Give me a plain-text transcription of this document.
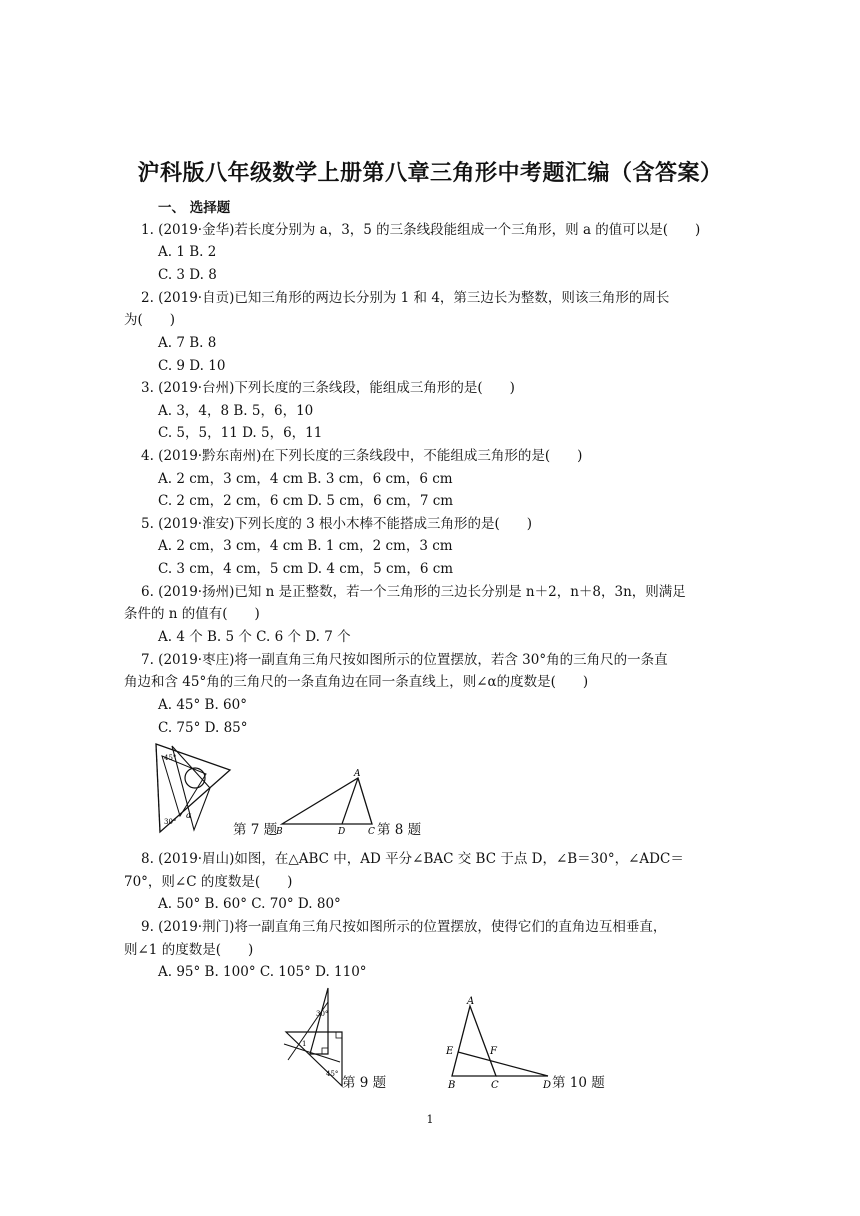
沪科版八年级数学上册第八章三角形中考题汇编（含答案）
一、 选择题
1. (2019·金华)若长度分别为 a，3，5 的三条线段能组成一个三角形，则 a 的值可以是(　　)
A. 1 B. 2
C. 3 D. 8
2. (2019·自贡)已知三角形的两边长分别为 1 和 4，第三边长为整数，则该三角形的周长
为(　　)
A. 7 B. 8
C. 9 D. 10
3. (2019·台州)下列长度的三条线段，能组成三角形的是(　　)
A. 3，4，8 B. 5，6，10
C. 5，5，11 D. 5，6，11
4. (2019·黔东南州)在下列长度的三条线段中，不能组成三角形的是(　　)
A. 2 cm，3 cm，4 cm B. 3 cm，6 cm，6 cm
C. 2 cm，2 cm，6 cm D. 5 cm，6 cm，7 cm
5. (2019·淮安)下列长度的 3 根小木棒不能搭成三角形的是(　　)
A. 2 cm，3 cm，4 cm B. 1 cm，2 cm，3 cm
C. 3 cm，4 cm，5 cm D. 4 cm，5 cm，6 cm
6. (2019·扬州)已知 n 是正整数，若一个三角形的三边长分别是 n＋2，n＋8，3n，则满足
条件的 n 的值有(　　)
A. 4 个 B. 5 个 C. 6 个 D. 7 个
7. (2019·枣庄)将一副直角三角尺按如图所示的位置摆放，若含 30°角的三角尺的一条直
角边和含 45°角的三角尺的一条直角边在同一条直线上，则∠α的度数是(　　)
A. 45° B. 60°
C. 75° D. 85°
45°
30°
α
第 7 题
A
B	D	C 第 8 题
8. (2019·眉山)如图，在△ABC 中，AD 平分∠BAC 交 BC 于点 D，∠B＝30°，∠ADC＝
70°，则∠C 的度数是(　　)
A. 50° B. 60° C. 70° D. 80°
9. (2019·荆门)将一副直角三角尺按如图所示的位置摆放，使得它们的直角边互相垂直，
则∠1 的度数是(　　)
A. 95° B. 100° C. 105° D. 110°
30°
1
45°
第 9 题
A
E	F
B	C	D 第 10 题
1
